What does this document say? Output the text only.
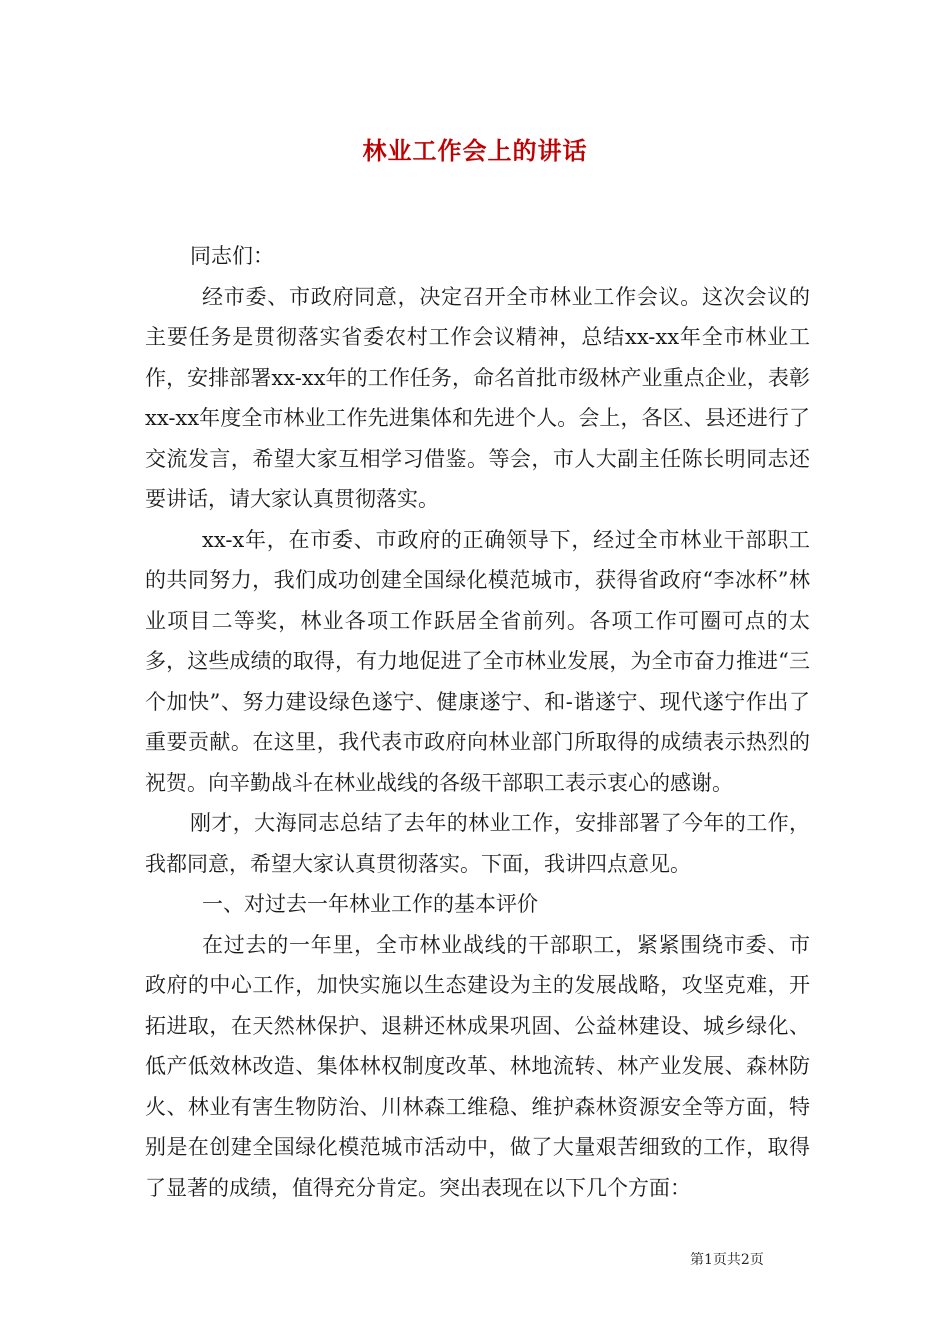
林业工作会上的讲话

同志们：

经市委、市政府同意，决定召开全市林业工作会议。这次会议的主要任务是贯彻落实省委农村工作会议精神，总结xx-xx年全市林业工作，安排部署xx-xx年的工作任务，命名首批市级林产业重点企业，表彰xx-xx年度全市林业工作先进集体和先进个人。会上，各区、县还进行了交流发言，希望大家互相学习借鉴。等会，市人大副主任陈长明同志还要讲话，请大家认真贯彻落实。

xx-x年，在市委、市政府的正确领导下，经过全市林业干部职工的共同努力，我们成功创建全国绿化模范城市，获得省政府“李冰杯”林业项目二等奖，林业各项工作跃居全省前列。各项工作可圈可点的太多，这些成绩的取得，有力地促进了全市林业发展，为全市奋力推进“三个加快”、努力建设绿色遂宁、健康遂宁、和-谐遂宁、现代遂宁作出了重要贡献。在这里，我代表市政府向林业部门所取得的成绩表示热烈的祝贺。向辛勤战斗在林业战线的各级干部职工表示衷心的感谢。

刚才，大海同志总结了去年的林业工作，安排部署了今年的工作，我都同意，希望大家认真贯彻落实。下面，我讲四点意见。

一、对过去一年林业工作的基本评价

在过去的一年里，全市林业战线的干部职工，紧紧围绕市委、市政府的中心工作，加快实施以生态建设为主的发展战略，攻坚克难，开拓进取，在天然林保护、退耕还林成果巩固、公益林建设、城乡绿化、低产低效林改造、集体林权制度改革、林地流转、林产业发展、森林防火、林业有害生物防治、川林森工维稳、维护森林资源安全等方面，特别是在创建全国绿化模范城市活动中，做了大量艰苦细致的工作，取得了显著的成绩，值得充分肯定。突出表现在以下几个方面：

第1页共2页
